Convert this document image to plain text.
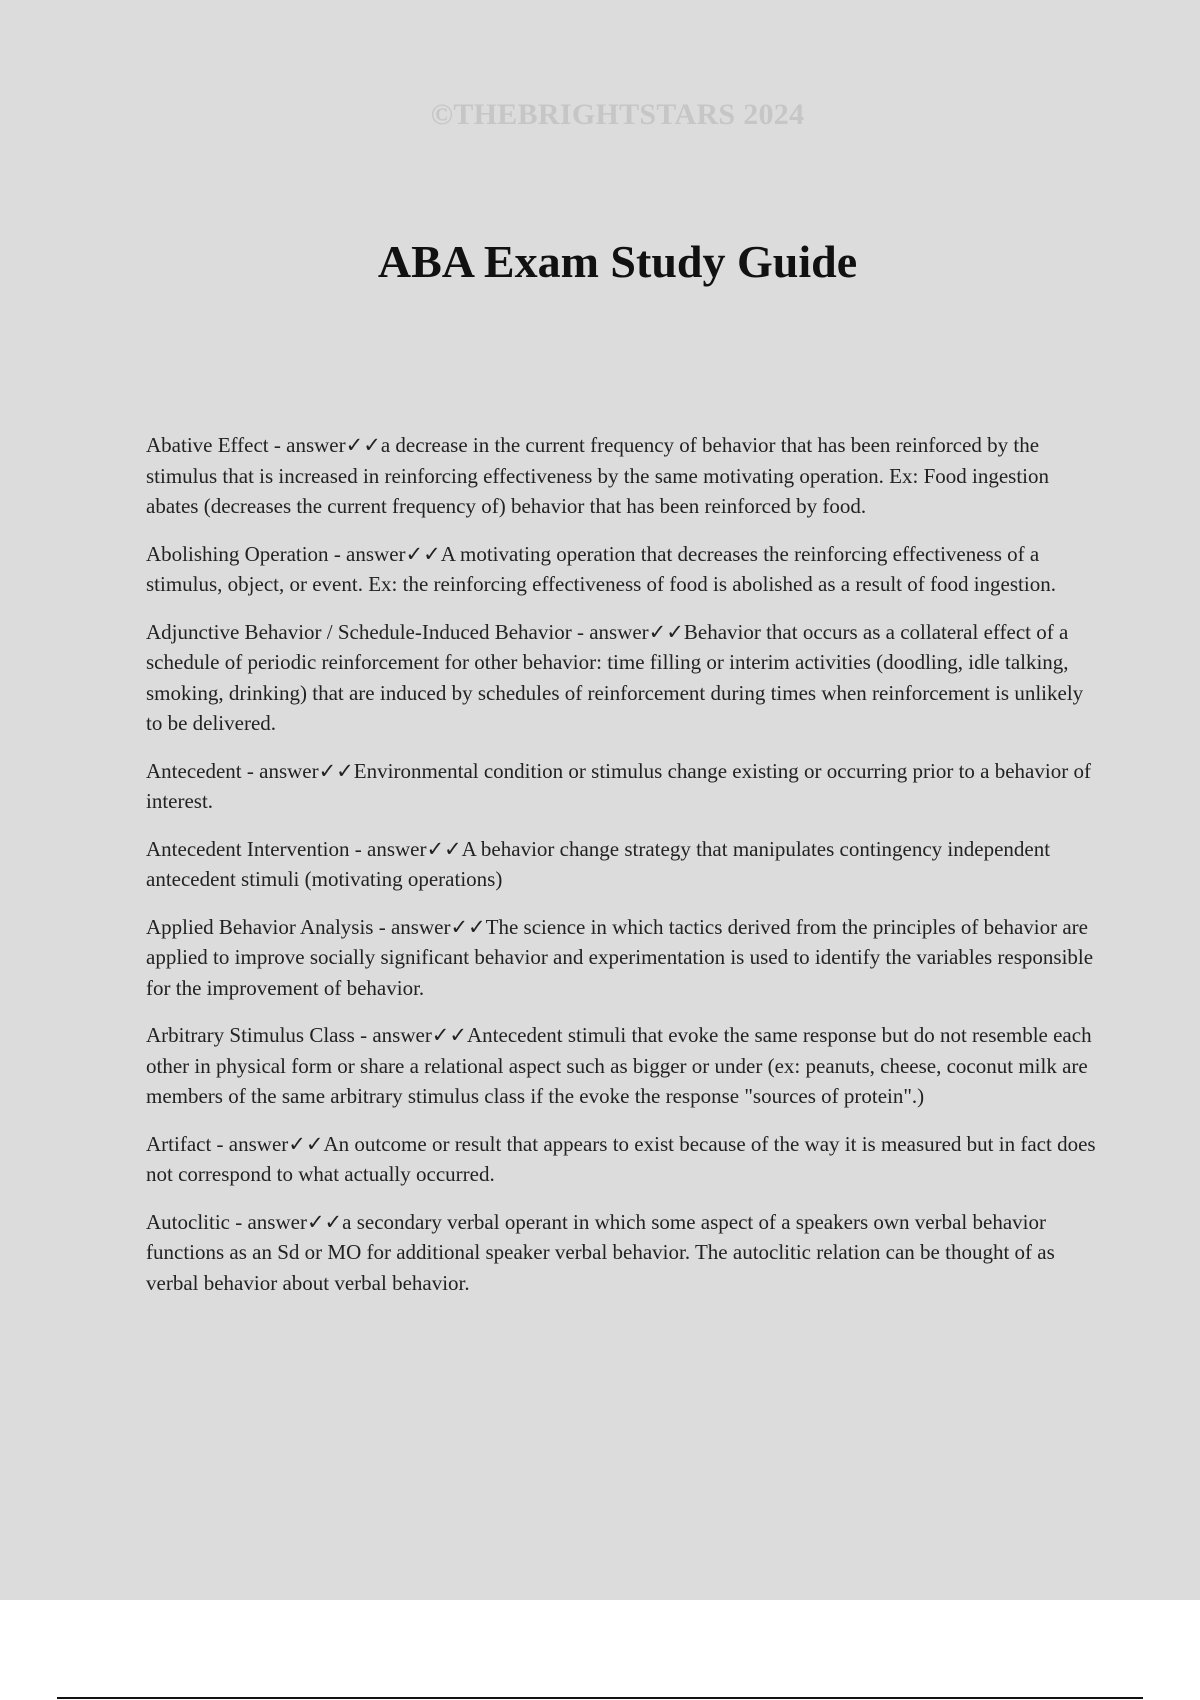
©THEBRIGHTSTARS 2024
ABA Exam Study Guide

Abative Effect - answer✓✓a decrease in the current frequency of behavior that has been reinforced by the stimulus that is increased in reinforcing effectiveness by the same motivating operation. Ex: Food ingestion abates (decreases the current frequency of) behavior that has been reinforced by food.

Abolishing Operation - answer✓✓A motivating operation that decreases the reinforcing effectiveness of a stimulus, object, or event. Ex: the reinforcing effectiveness of food is abolished as a result of food ingestion.

Adjunctive Behavior / Schedule-Induced Behavior - answer✓✓Behavior that occurs as a collateral effect of a schedule of periodic reinforcement for other behavior: time filling or interim activities (doodling, idle talking, smoking, drinking) that are induced by schedules of reinforcement during times when reinforcement is unlikely to be delivered.

Antecedent - answer✓✓Environmental condition or stimulus change existing or occurring prior to a behavior of interest.

Antecedent Intervention - answer✓✓A behavior change strategy that manipulates contingency independent antecedent stimuli (motivating operations)

Applied Behavior Analysis - answer✓✓The science in which tactics derived from the principles of behavior are applied to improve socially significant behavior and experimentation is used to identify the variables responsible for the improvement of behavior.

Arbitrary Stimulus Class - answer✓✓Antecedent stimuli that evoke the same response but do not resemble each other in physical form or share a relational aspect such as bigger or under (ex: peanuts, cheese, coconut milk are members of the same arbitrary stimulus class if the evoke the response "sources of protein".)

Artifact - answer✓✓An outcome or result that appears to exist because of the way it is measured but in fact does not correspond to what actually occurred.

Autoclitic - answer✓✓a secondary verbal operant in which some aspect of a speakers own verbal behavior functions as an Sd or MO for additional speaker verbal behavior. The autoclitic relation can be thought of as verbal behavior about verbal behavior.
